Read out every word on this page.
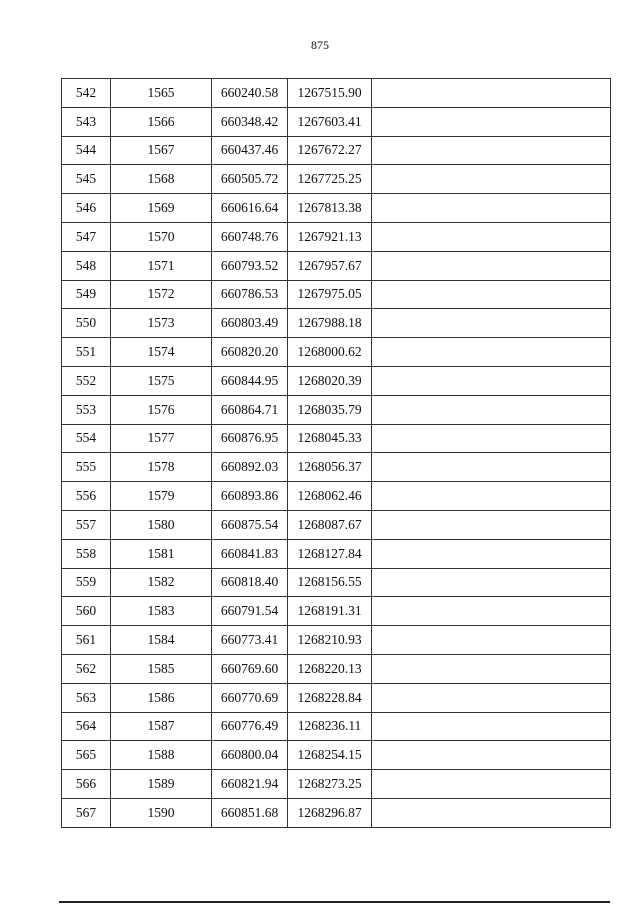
875
542	1565	660240.58	1267515.90	
543	1566	660348.42	1267603.41	
544	1567	660437.46	1267672.27	
545	1568	660505.72	1267725.25	
546	1569	660616.64	1267813.38	
547	1570	660748.76	1267921.13	
548	1571	660793.52	1267957.67	
549	1572	660786.53	1267975.05	
550	1573	660803.49	1267988.18	
551	1574	660820.20	1268000.62	
552	1575	660844.95	1268020.39	
553	1576	660864.71	1268035.79	
554	1577	660876.95	1268045.33	
555	1578	660892.03	1268056.37	
556	1579	660893.86	1268062.46	
557	1580	660875.54	1268087.67	
558	1581	660841.83	1268127.84	
559	1582	660818.40	1268156.55	
560	1583	660791.54	1268191.31	
561	1584	660773.41	1268210.93	
562	1585	660769.60	1268220.13	
563	1586	660770.69	1268228.84	
564	1587	660776.49	1268236.11	
565	1588	660800.04	1268254.15	
566	1589	660821.94	1268273.25	
567	1590	660851.68	1268296.87	
